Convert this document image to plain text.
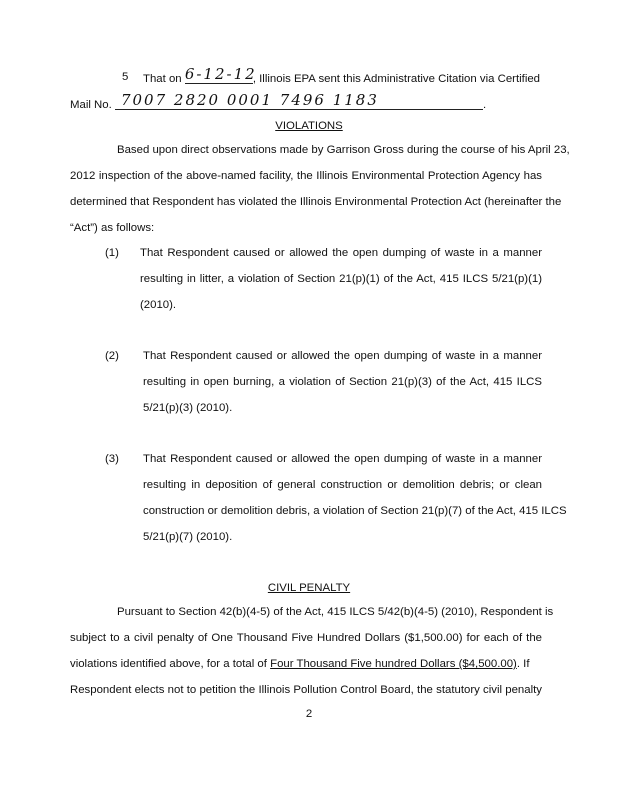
5 That on 6-12-12, Illinois EPA sent this Administrative Citation via Certified
Mail No. 7007 2820 0001 7496 1183	.
VIOLATIONS
Based upon direct observations made by Garrison Gross during the course of his April 23,
2012 inspection of the above-named facility, the Illinois Environmental Protection Agency has
determined that Respondent has violated the Illinois Environmental Protection Act (hereinafter the
“Act”) as follows:
(1) That Respondent caused or allowed the open dumping of waste in a manner
resulting in litter, a violation of Section 21(p)(1) of the Act, 415 ILCS 5/21(p)(1)
(2010).
(2) That Respondent caused or allowed the open dumping of waste in a manner
resulting in open burning, a violation of Section 21(p)(3) of the Act, 415 ILCS
5/21(p)(3) (2010).
(3) That Respondent caused or allowed the open dumping of waste in a manner
resulting in deposition of general construction or demolition debris; or clean
construction or demolition debris, a violation of Section 21(p)(7) of the Act, 415 ILCS
5/21(p)(7) (2010).
CIVIL PENALTY
Pursuant to Section 42(b)(4-5) of the Act, 415 ILCS 5/42(b)(4-5) (2010), Respondent is
subject to a civil penalty of One Thousand Five Hundred Dollars ($1,500.00) for each of the
violations identified above, for a total of Four Thousand Five hundred Dollars ($4,500.00). If
Respondent elects not to petition the Illinois Pollution Control Board, the statutory civil penalty
2
